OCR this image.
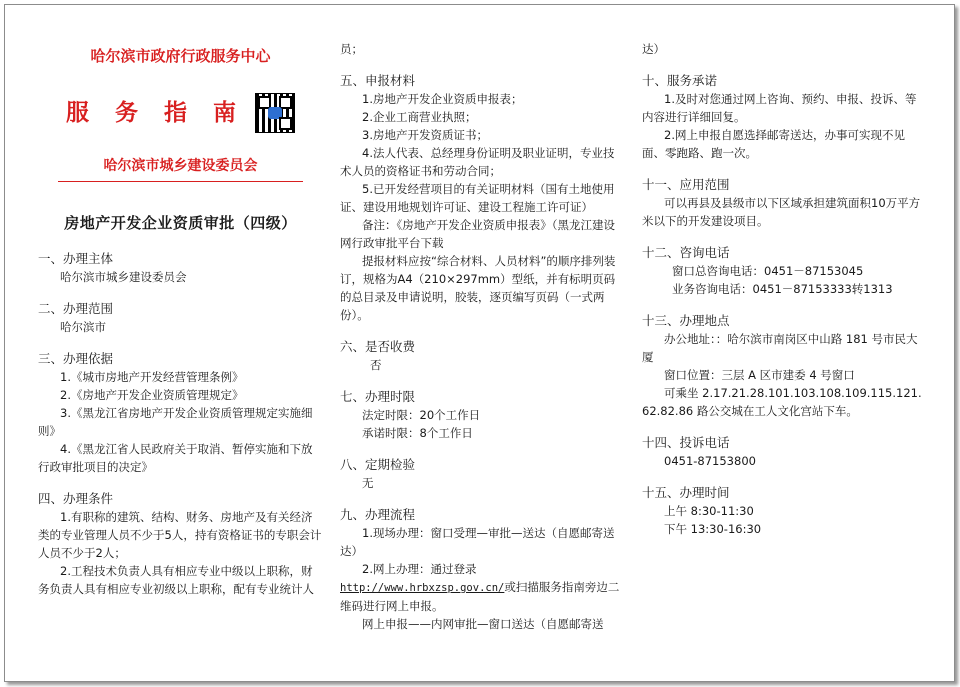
哈尔滨市政府行政服务中心
服 务 指 南
哈尔滨市城乡建设委员会
房地产开发企业资质审批（四级）
一、办理主体
哈尔滨市城乡建设委员会
二、办理范围
哈尔滨市
三、办理依据
1.《城市房地产开发经营管理条例》
2.《房地产开发企业资质管理规定》
3.《黑龙江省房地产开发企业资质管理规定实施细则》
4.《黑龙江省人民政府关于取消、暂停实施和下放行政审批项目的决定》
四、办理条件
1.有职称的建筑、结构、财务、房地产及有关经济类的专业管理人员不少于5人，持有资格证书的专职会计人员不少于2人；
2.工程技术负责人具有相应专业中级以上职称，财务负责人具有相应专业初级以上职称，配有专业统计人
员；
五、申报材料
1.房地产开发企业资质申报表；
2.企业工商营业执照；
3.房地产开发资质证书；
4.法人代表、总经理身份证明及职业证明，专业技术人员的资格证书和劳动合同；
5.已开发经营项目的有关证明材料（国有土地使用证、建设用地规划许可证、建设工程施工许可证）
备注：《房地产开发企业资质申报表》（黑龙江建设网行政审批平台下载
提报材料应按“综合材料、人员材料”的顺序排列装订，规格为A4（210×297mm）型纸，并有标明页码的总目录及申请说明，胶装，逐页编写页码（一式两份）。
六、是否收费
否
七、办理时限
法定时限：20个工作日
承诺时限：8个工作日
八、定期检验
无
九、办理流程
1.现场办理：窗口受理—审批—送达（自愿邮寄送达）
2.网上办理：通过登录
http://www.hrbxzsp.gov.cn/或扫描服务指南旁边二维码进行网上申报。
网上申报——内网审批—窗口送达（自愿邮寄送
达）
十、服务承诺
1.及时对您通过网上咨询、预约、申报、投诉、等内容进行详细回复。
2.网上申报自愿选择邮寄送达，办事可实现不见面、零跑路、跑一次。
十一、应用范围
可以再县及县级市以下区域承担建筑面积10万平方米以下的开发建设项目。
十二、咨询电话
窗口总咨询电话：0451－87153045
业务咨询电话：0451－87153333转1313
十三、办理地点
办公地址：：哈尔滨市南岗区中山路 181 号市民大厦
窗口位置：三层 A 区市建委 4 号窗口
可乘坐 2.17.21.28.101.103.108.109.115.121. 62.82.86 路公交城在工人文化宫站下车。
十四、投诉电话
0451-87153800
十五、办理时间
上午 8:30-11:30
下午 13:30-16:30
